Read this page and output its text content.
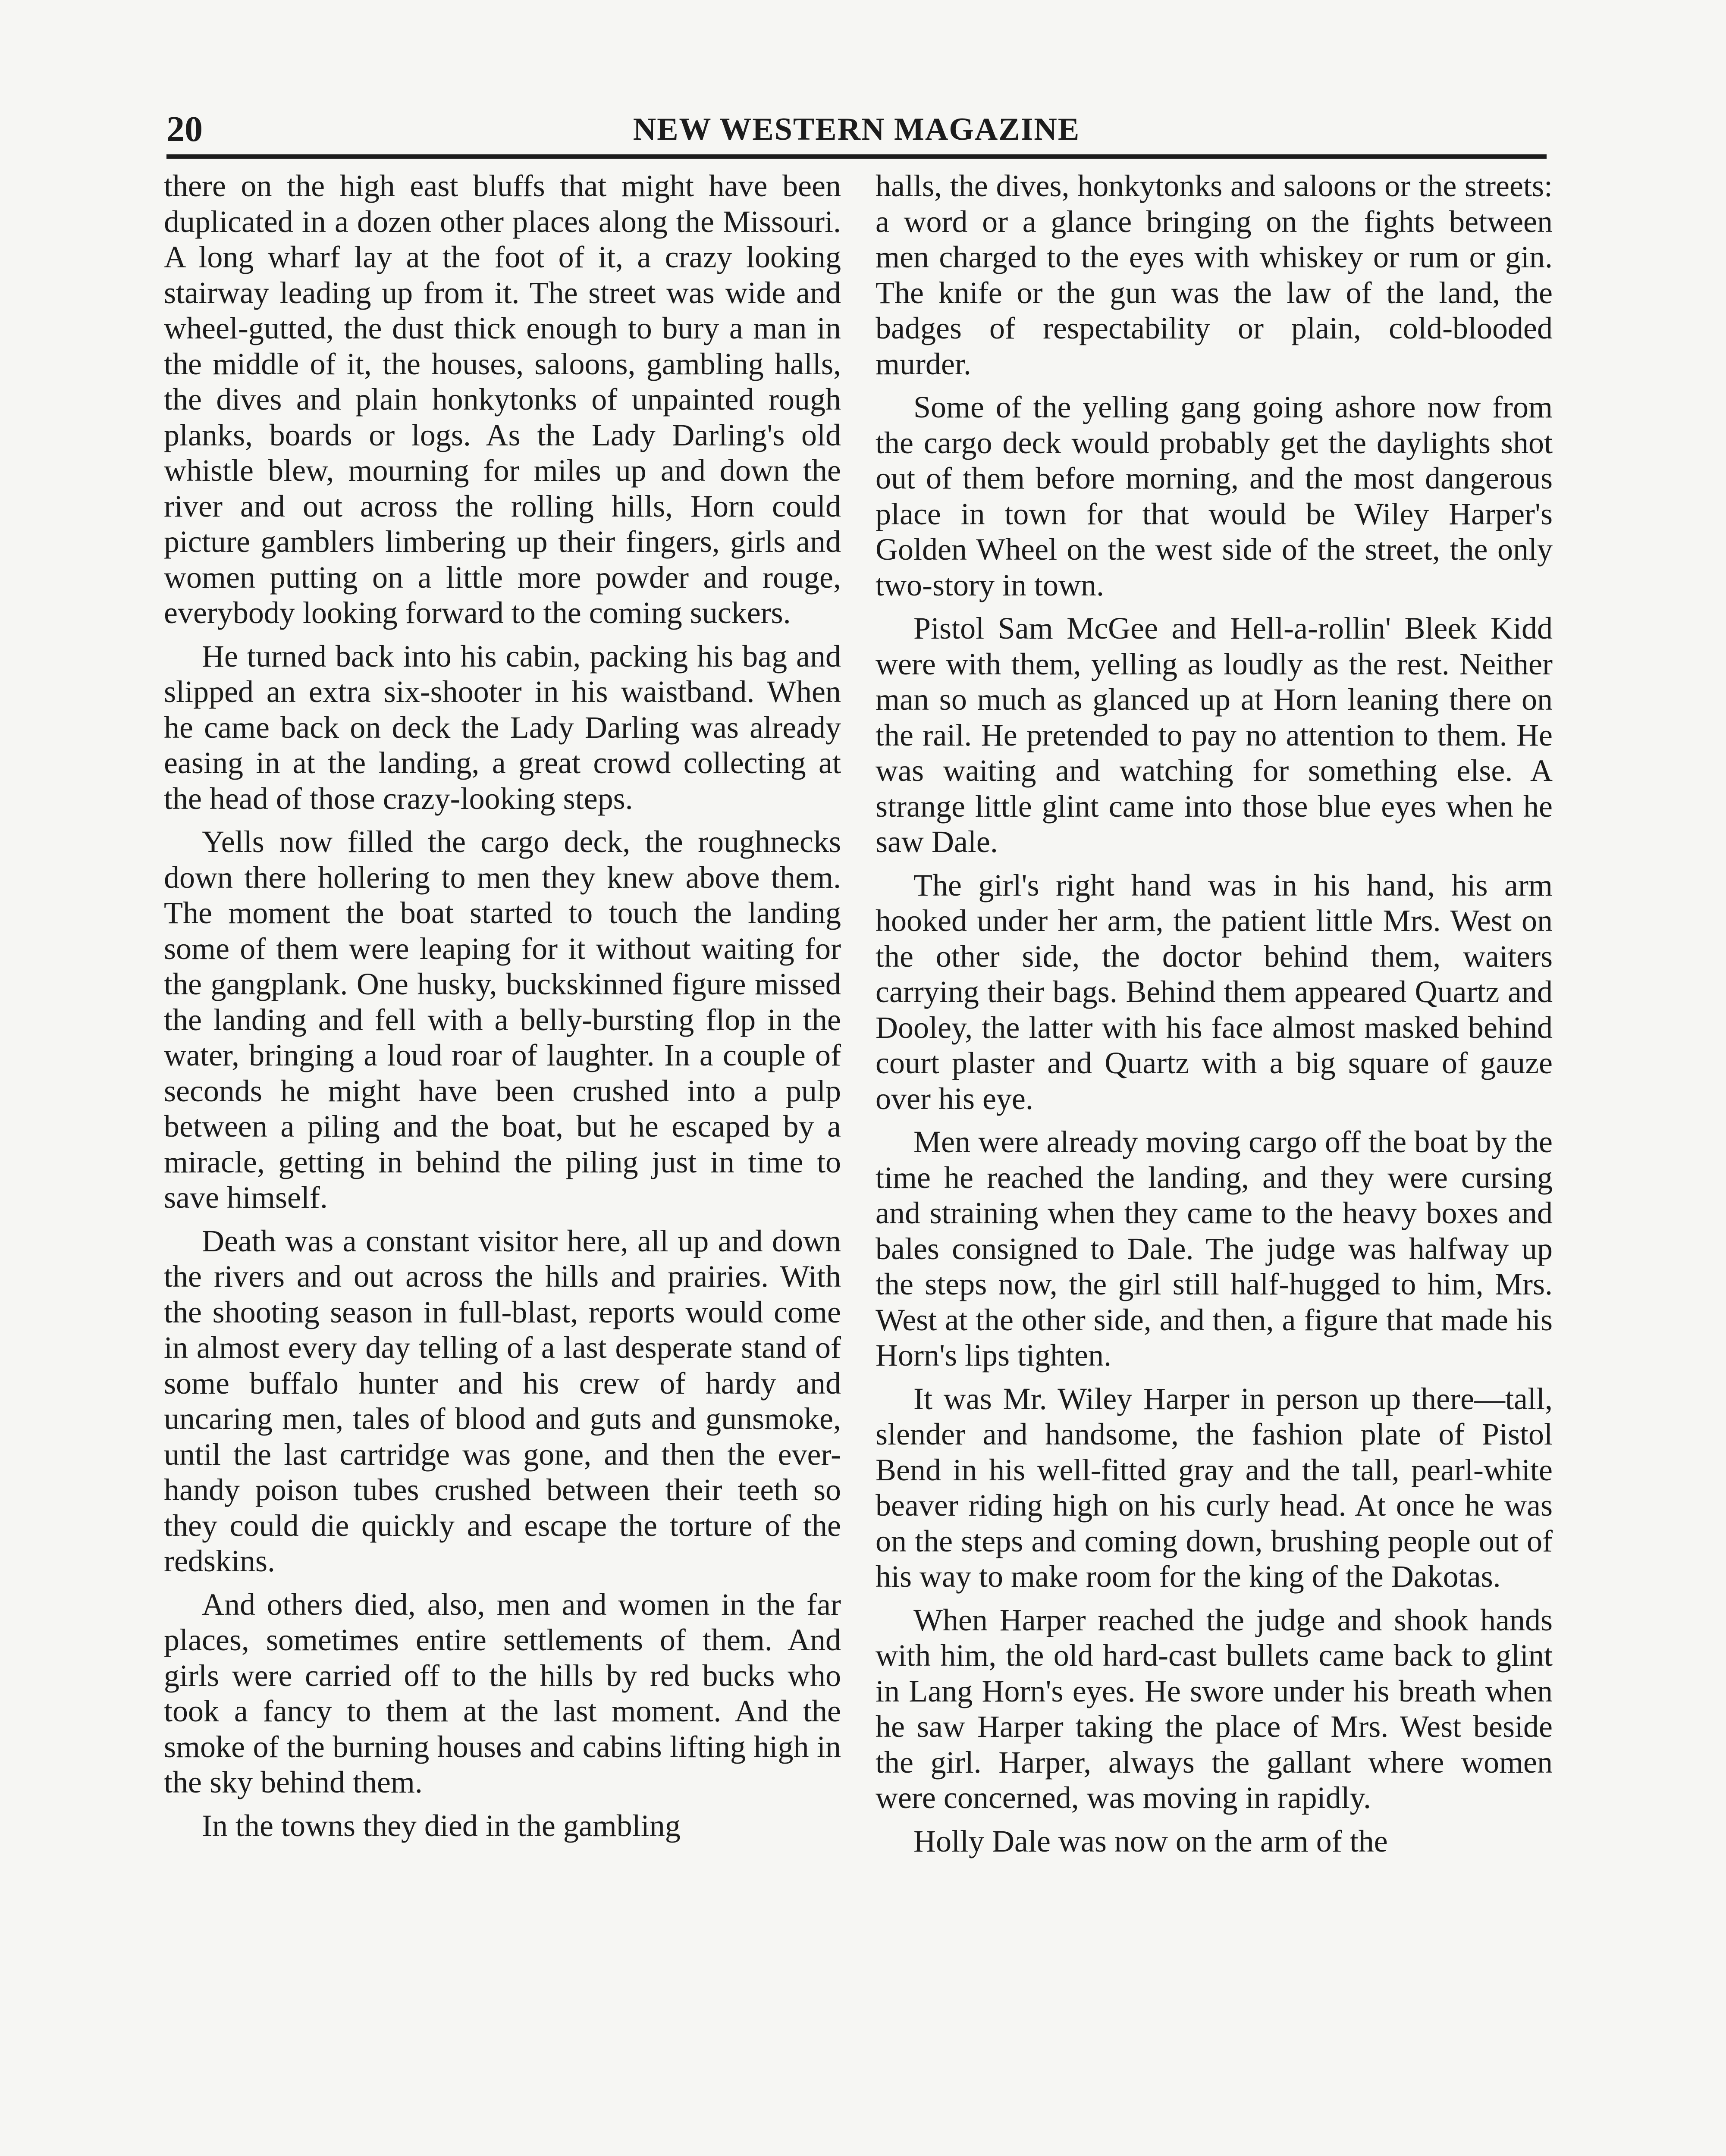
20	NEW WESTERN MAGAZINE

there on the high east bluffs that might have been duplicated in a dozen other places along the Missouri. A long wharf lay at the foot of it, a crazy looking stairway leading up from it. The street was wide and wheel-gutted, the dust thick enough to bury a man in the middle of it, the houses, saloons, gambling halls, the dives and plain honkytonks of unpainted rough planks, boards or logs. As the Lady Darling's old whistle blew, mourning for miles up and down the river and out across the rolling hills, Horn could picture gamblers limbering up their fingers, girls and women putting on a little more powder and rouge, everybody looking forward to the coming suckers.

He turned back into his cabin, packing his bag and slipped an extra six-shooter in his waistband. When he came back on deck the Lady Darling was already easing in at the landing, a great crowd collecting at the head of those crazy-looking steps.

Yells now filled the cargo deck, the roughnecks down there hollering to men they knew above them. The moment the boat started to touch the landing some of them were leaping for it without waiting for the gangplank. One husky, buckskinned figure missed the landing and fell with a belly-bursting flop in the water, bringing a loud roar of laughter. In a couple of seconds he might have been crushed into a pulp between a piling and the boat, but he escaped by a miracle, getting in behind the piling just in time to save himself.

Death was a constant visitor here, all up and down the rivers and out across the hills and prairies. With the shooting season in full-blast, reports would come in almost every day telling of a last desperate stand of some buffalo hunter and his crew of hardy and uncaring men, tales of blood and guts and gunsmoke, until the last cartridge was gone, and then the ever-handy poison tubes crushed between their teeth so they could die quickly and escape the torture of the redskins.

And others died, also, men and women in the far places, sometimes entire settlements of them. And girls were carried off to the hills by red bucks who took a fancy to them at the last moment. And the smoke of the burning houses and cabins lifting high in the sky behind them.

In the towns they died in the gambling

halls, the dives, honkytonks and saloons or the streets: a word or a glance bringing on the fights between men charged to the eyes with whiskey or rum or gin. The knife or the gun was the law of the land, the badges of respectability or plain, cold-blooded murder.

Some of the yelling gang going ashore now from the cargo deck would probably get the daylights shot out of them before morning, and the most dangerous place in town for that would be Wiley Harper's Golden Wheel on the west side of the street, the only two-story in town.

Pistol Sam McGee and Hell-a-rollin' Bleek Kidd were with them, yelling as loudly as the rest. Neither man so much as glanced up at Horn leaning there on the rail. He pretended to pay no attention to them. He was waiting and watching for something else. A strange little glint came into those blue eyes when he saw Dale.

The girl's right hand was in his hand, his arm hooked under her arm, the patient little Mrs. West on the other side, the doctor behind them, waiters carrying their bags. Behind them appeared Quartz and Dooley, the latter with his face almost masked behind court plaster and Quartz with a big square of gauze over his eye.

Men were already moving cargo off the boat by the time he reached the landing, and they were cursing and straining when they came to the heavy boxes and bales consigned to Dale. The judge was halfway up the steps now, the girl still half-hugged to him, Mrs. West at the other side, and then, a figure that made his Horn's lips tighten.

It was Mr. Wiley Harper in person up there—tall, slender and handsome, the fashion plate of Pistol Bend in his well-fitted gray and the tall, pearl-white beaver riding high on his curly head. At once he was on the steps and coming down, brushing people out of his way to make room for the king of the Dakotas.

When Harper reached the judge and shook hands with him, the old hard-cast bullets came back to glint in Lang Horn's eyes. He swore under his breath when he saw Harper taking the place of Mrs. West beside the girl. Harper, always the gallant where women were concerned, was moving in rapidly.

Holly Dale was now on the arm of the
